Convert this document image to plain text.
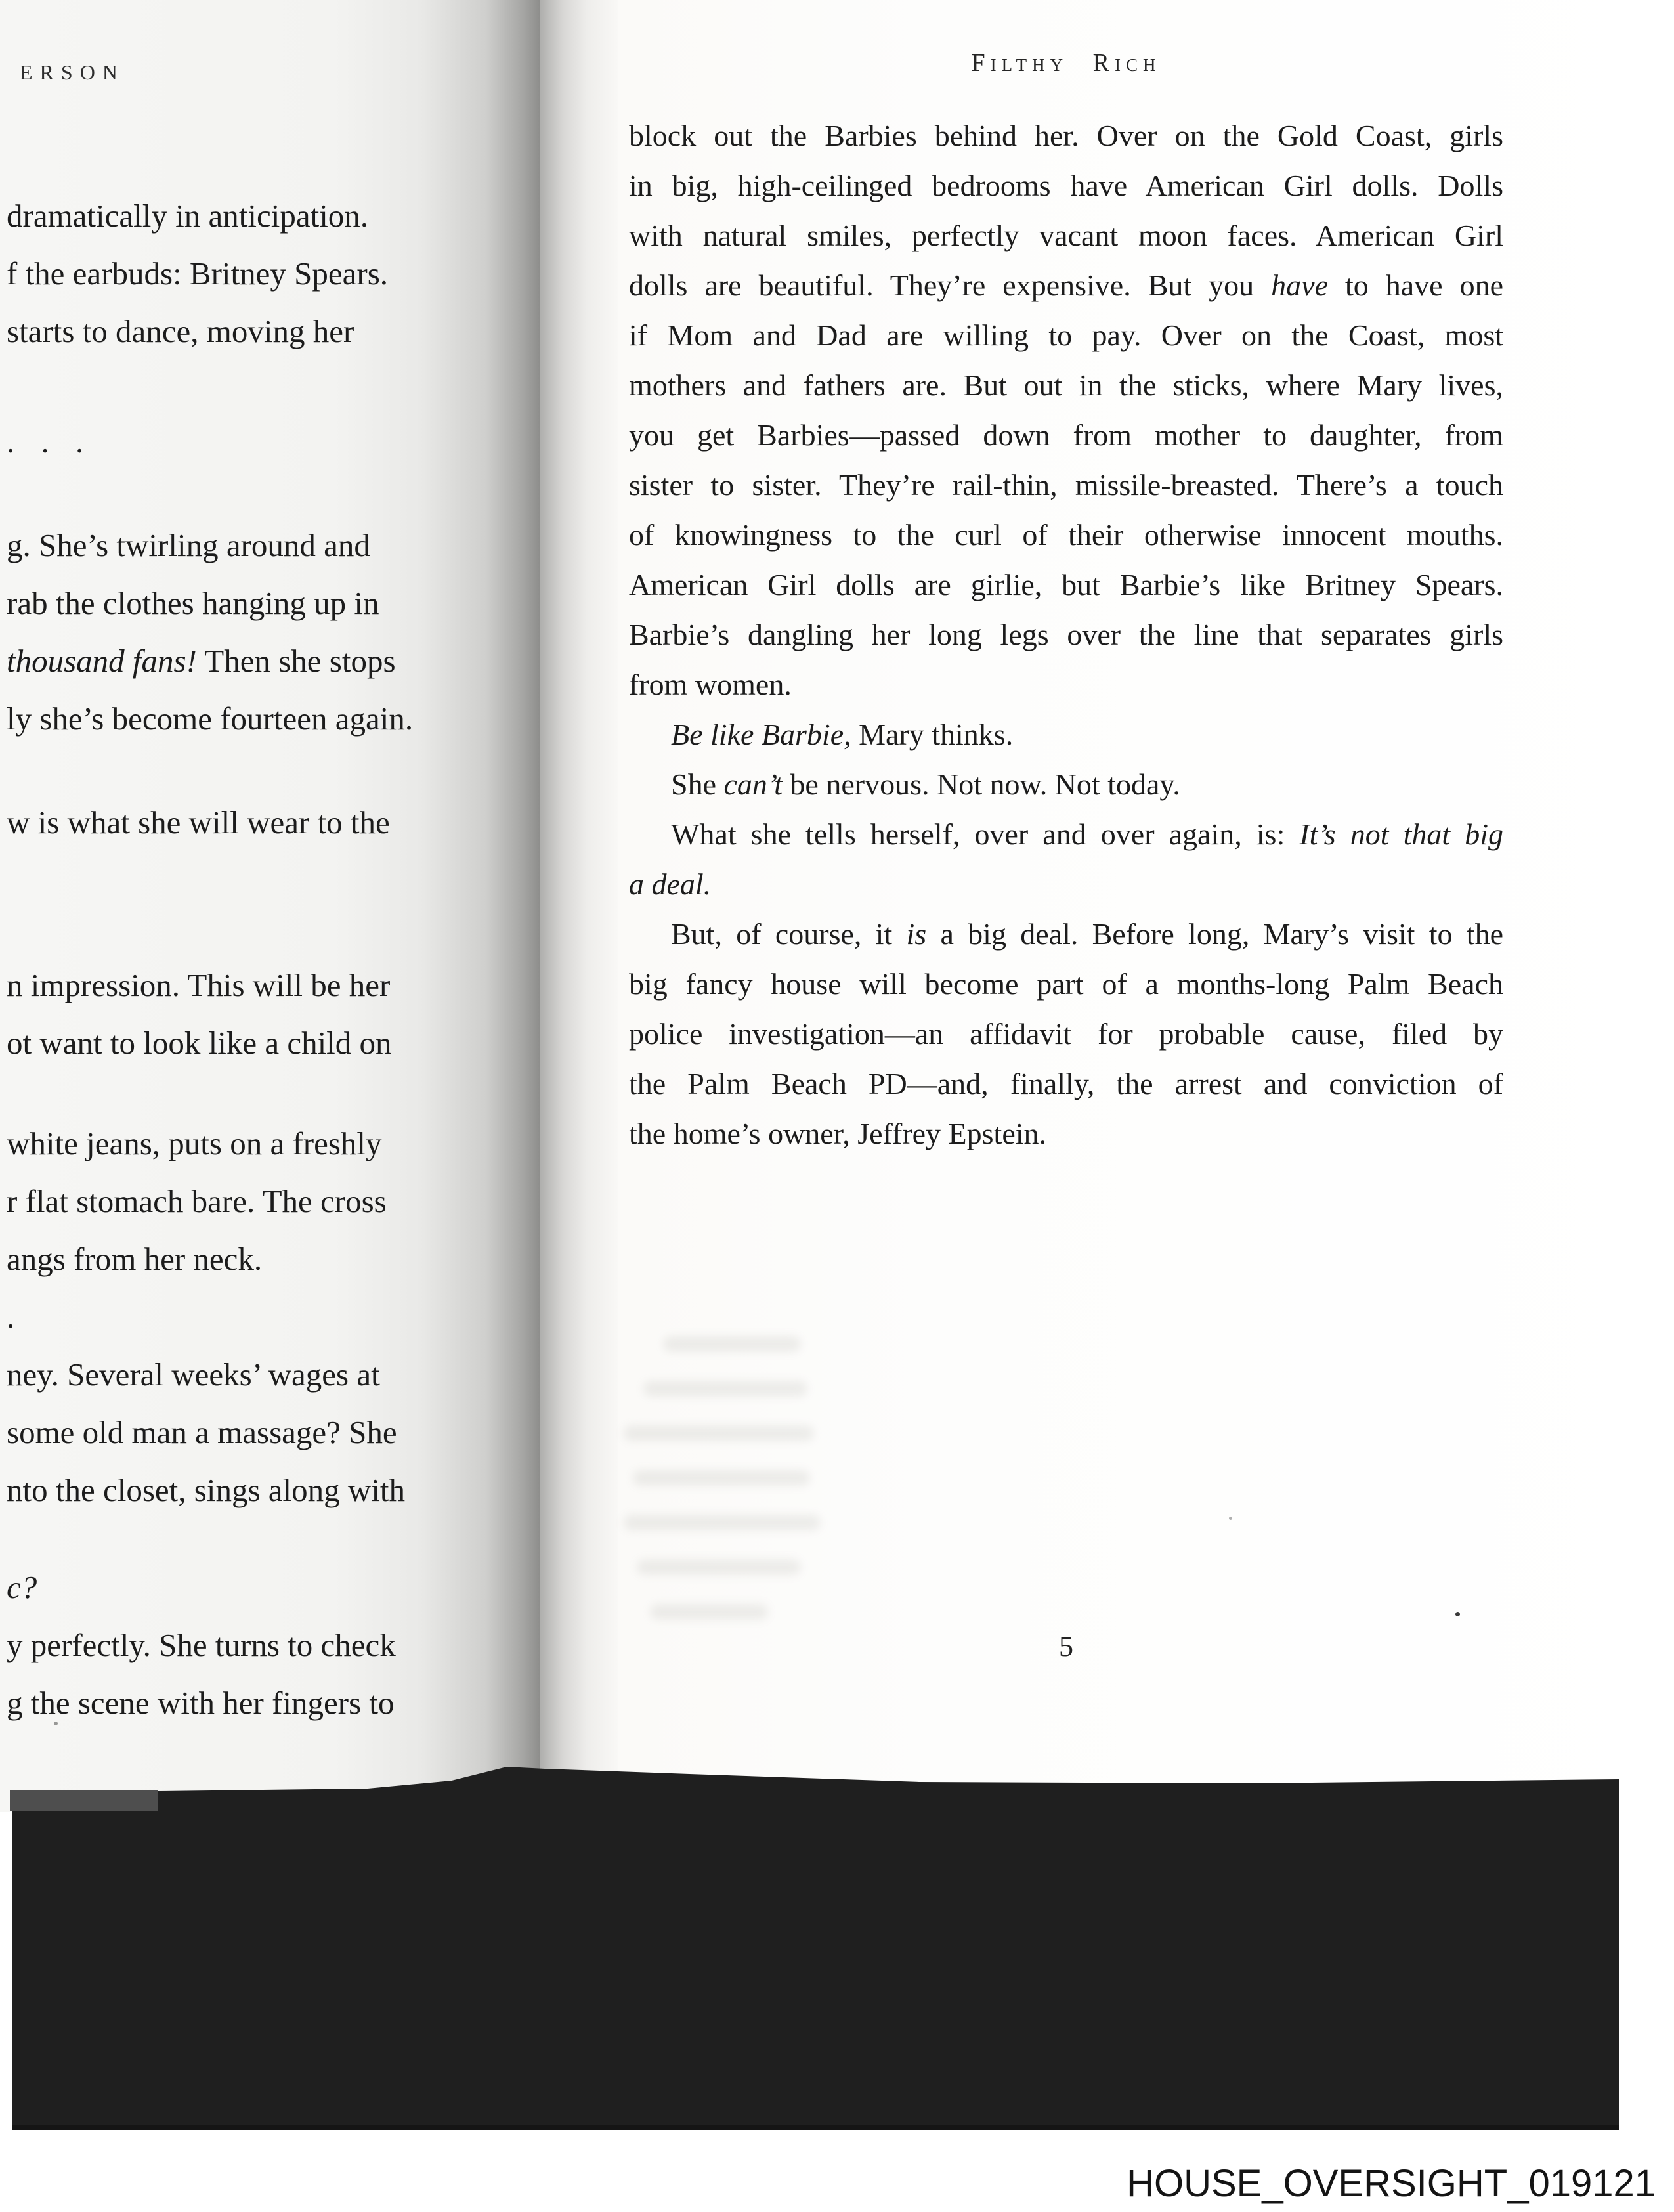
ERSON	Filthy Rich
dramatically in anticipation.
f the earbuds: Britney Spears.
starts to dance, moving her
. . .
g. She’s twirling around and
rab the clothes hanging up in
thousand fans! Then she stops
ly she’s become fourteen again.
w is what she will wear to the
n impression. This will be her
ot want to look like a child on
white jeans, puts on a freshly
r flat stomach bare. The cross
angs from her neck.
.
ney. Several weeks’ wages at
some old man a massage? She
nto the closet, sings along with
c?
y perfectly. She turns to check
g the scene with her fingers to
block out the Barbies behind her. Over on the Gold Coast, girls
in big, high-ceilinged bedrooms have American Girl dolls. Dolls
with natural smiles, perfectly vacant moon faces. American Girl
dolls are beautiful. They’re expensive. But you have to have one
if Mom and Dad are willing to pay. Over on the Coast, most
mothers and fathers are. But out in the sticks, where Mary lives,
you get Barbies—passed down from mother to daughter, from
sister to sister. They’re rail-thin, missile-breasted. There’s a touch
of knowingness to the curl of their otherwise innocent mouths.
American Girl dolls are girlie, but Barbie’s like Britney Spears.
Barbie’s dangling her long legs over the line that separates girls
from women.
Be like Barbie, Mary thinks.
She can’t be nervous. Not now. Not today.
What she tells herself, over and over again, is: It’s not that big
a deal.
But, of course, it is a big deal. Before long, Mary’s visit to the
big fancy house will become part of a months-long Palm Beach
police investigation—an affidavit for probable cause, filed by
the Palm Beach PD—and, finally, the arrest and conviction of
the home’s owner, Jeffrey Epstein.
5
HOUSE_OVERSIGHT_019121
